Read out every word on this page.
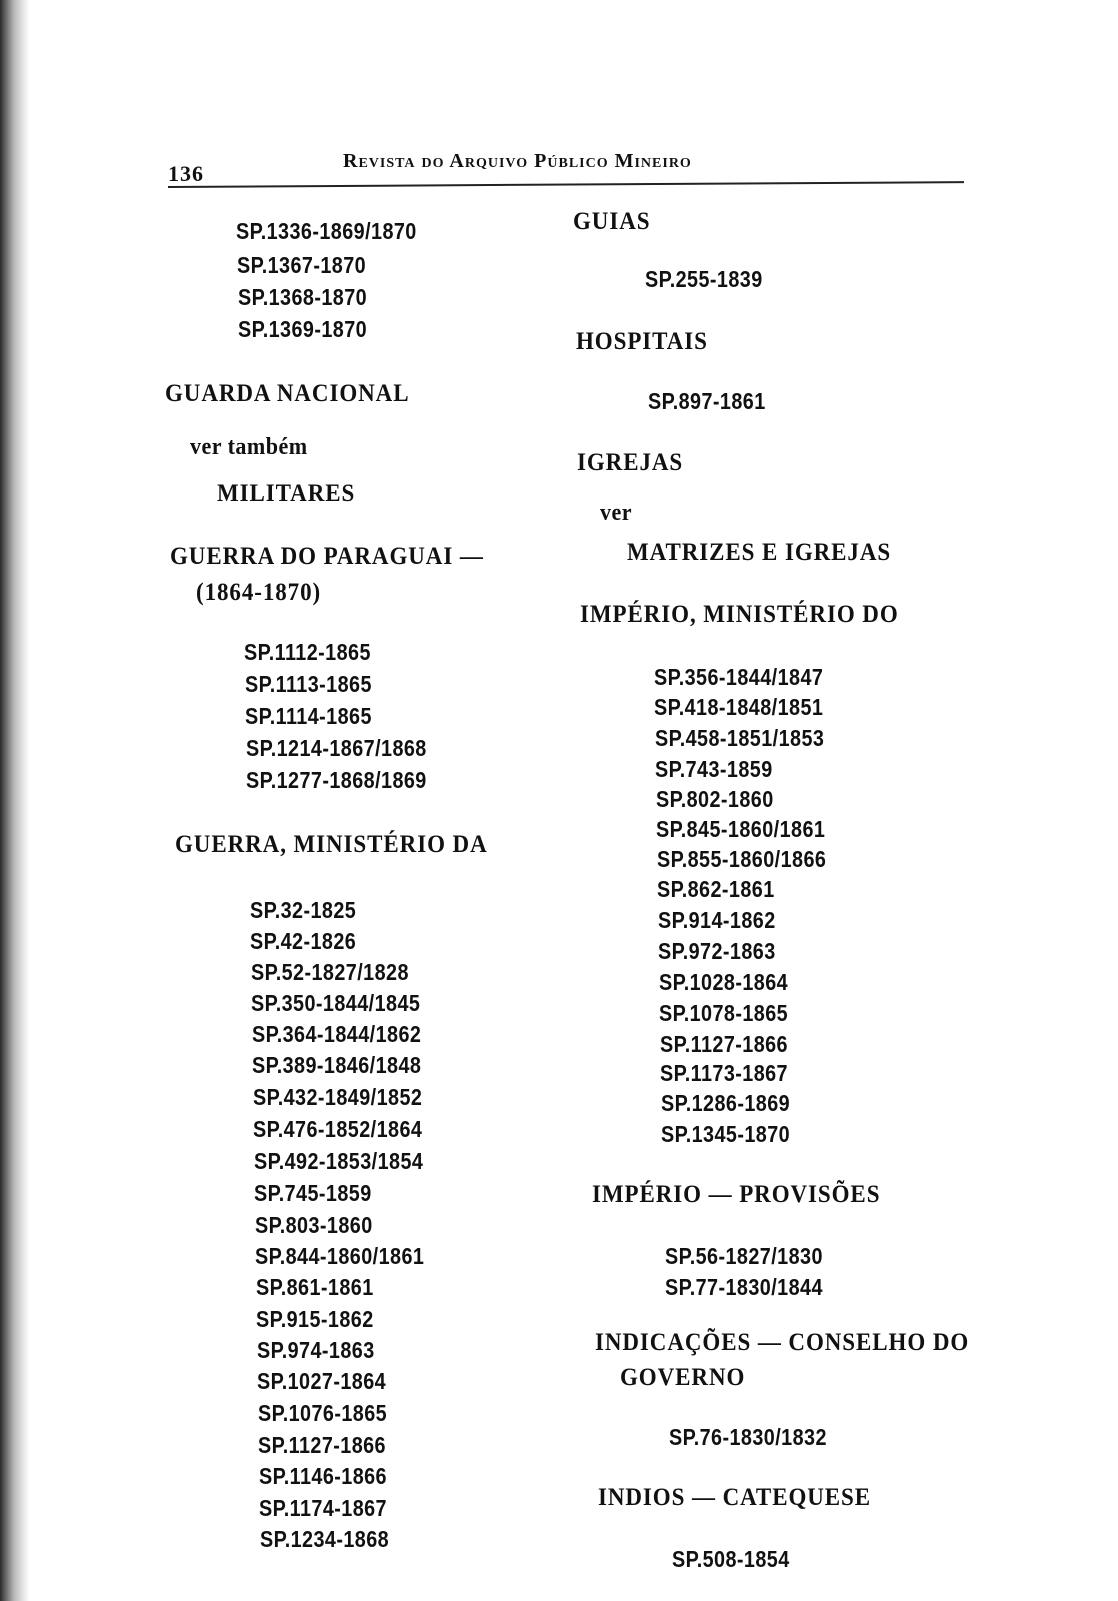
136	Revista do Arquivo Público Mineiro
SP.1336-1869/1870
SP.1367-1870
SP.1368-1870
SP.1369-1870
GUARDA NACIONAL
ver também
MILITARES
GUERRA DO PARAGUAI —
(1864-1870)
SP.1112-1865
SP.1113-1865
SP.1114-1865
SP.1214-1867/1868
SP.1277-1868/1869
GUERRA, MINISTÉRIO DA
SP.32-1825
SP.42-1826
SP.52-1827/1828
SP.350-1844/1845
SP.364-1844/1862
SP.389-1846/1848
SP.432-1849/1852
SP.476-1852/1864
SP.492-1853/1854
SP.745-1859
SP.803-1860
SP.844-1860/1861
SP.861-1861
SP.915-1862
SP.974-1863
SP.1027-1864
SP.1076-1865
SP.1127-1866
SP.1146-1866
SP.1174-1867
SP.1234-1868
GUIAS
SP.255-1839
HOSPITAIS
SP.897-1861
IGREJAS
ver
MATRIZES E IGREJAS
IMPÉRIO, MINISTÉRIO DO
SP.356-1844/1847
SP.418-1848/1851
SP.458-1851/1853
SP.743-1859
SP.802-1860
SP.845-1860/1861
SP.855-1860/1866
SP.862-1861
SP.914-1862
SP.972-1863
SP.1028-1864
SP.1078-1865
SP.1127-1866
SP.1173-1867
SP.1286-1869
SP.1345-1870
IMPÉRIO — PROVISÕES
SP.56-1827/1830
SP.77-1830/1844
INDICAÇÕES — CONSELHO DO
GOVERNO
SP.76-1830/1832
INDIOS — CATEQUESE
SP.508-1854
